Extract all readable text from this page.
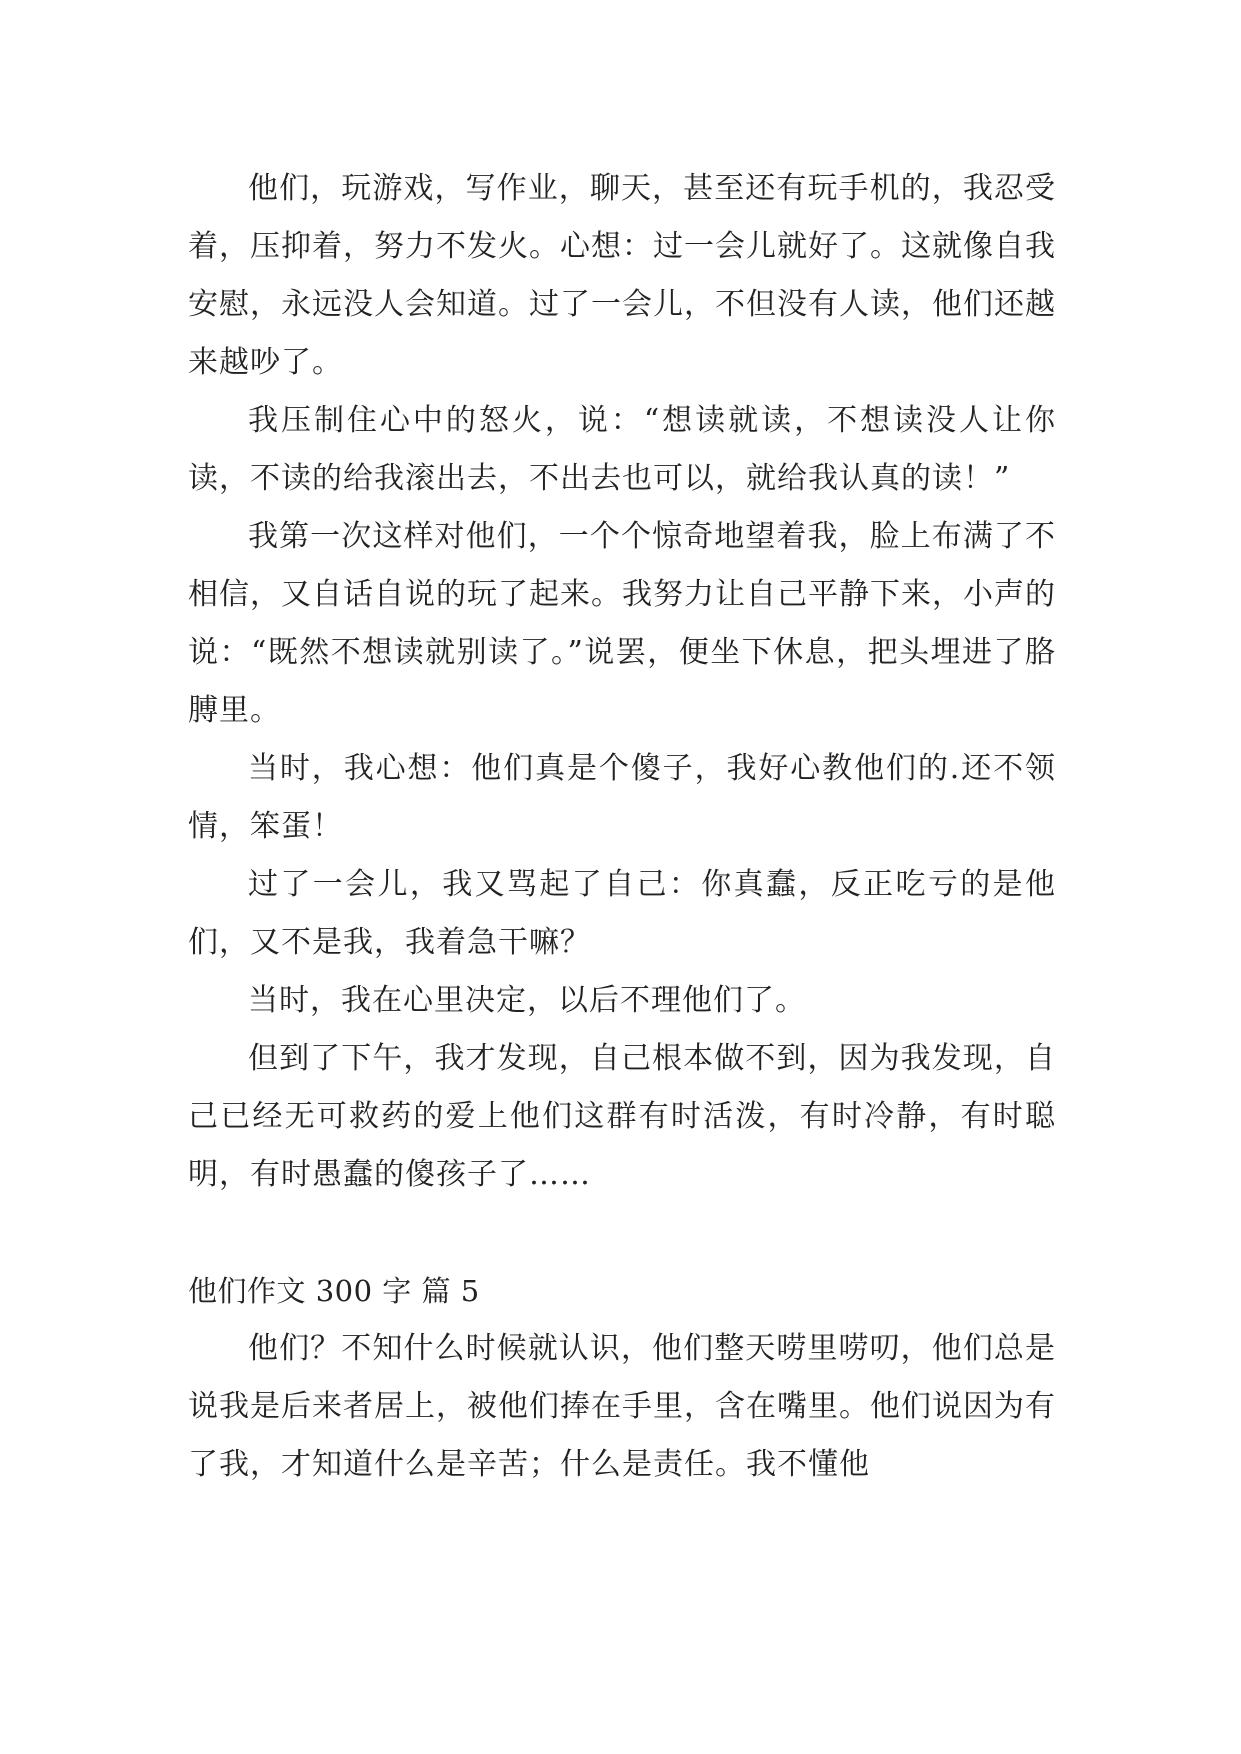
他们，玩游戏，写作业，聊天，甚至还有玩手机的，我忍受着，压抑着，努力不发火。心想：过一会儿就好了。这就像自我安慰，永远没人会知道。过了一会儿，不但没有人读，他们还越来越吵了。

我压制住心中的怒火，说：“想读就读，不想读没人让你读，不读的给我滚出去，不出去也可以，就给我认真的读！”

我第一次这样对他们，一个个惊奇地望着我，脸上布满了不相信，又自话自说的玩了起来。我努力让自己平静下来，小声的说：“既然不想读就别读了。”说罢，便坐下休息，把头埋进了胳膊里。

当时，我心想：他们真是个傻子，我好心教他们的.还不领情，笨蛋！

过了一会儿，我又骂起了自己：你真蠢，反正吃亏的是他们，又不是我，我着急干嘛？

当时，我在心里决定，以后不理他们了。

但到了下午，我才发现，自己根本做不到，因为我发现，自己已经无可救药的爱上他们这群有时活泼，有时冷静，有时聪明，有时愚蠢的傻孩子了……

他们作文 300 字 篇 5

他们？不知什么时候就认识，他们整天唠里唠叨，他们总是说我是后来者居上，被他们捧在手里，含在嘴里。他们说因为有了我，才知道什么是辛苦；什么是责任。我不懂他
